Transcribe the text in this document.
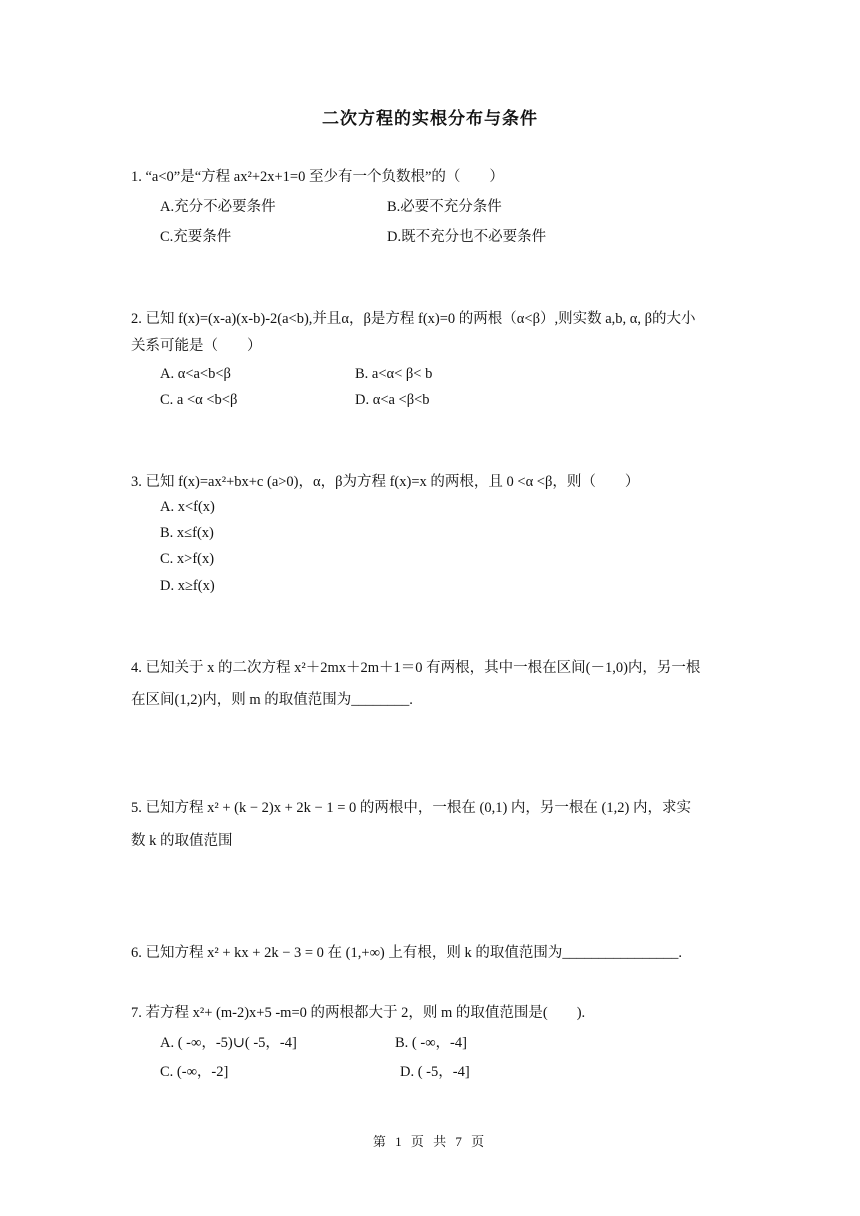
二次方程的实根分布与条件
1. “a<0”是“方程 ax²+2x+1=0 至少有一个负数根”的（　　）
A.充分不必要条件	B.必要不充分条件
C.充要条件	D.既不充分也不必要条件
2. 已知 f(x)=(x-a)(x-b)-2(a<b),并且α，β是方程 f(x)=0 的两根（α<β）,则实数 a,b, α, β的大小
关系可能是（　　）
A. α<a<b<β	B. a<α< β< b
C. a <α <b<β	D. α<a <β<b
3. 已知 f(x)=ax²+bx+c (a>0)，α，β为方程 f(x)=x 的两根，且 0 <α <β，则（　　）
A. x<f(x)
B. x≤f(x)
C. x>f(x)
D. x≥f(x)
4. 已知关于 x 的二次方程 x²＋2mx＋2m＋1＝0 有两根，其中一根在区间(－1,0)内，另一根
在区间(1,2)内，则 m 的取值范围为________.
5. 已知方程 x² + (k − 2)x + 2k − 1 = 0 的两根中，一根在 (0,1) 内，另一根在 (1,2) 内，求实
数 k 的取值范围
6. 已知方程 x² + kx + 2k − 3 = 0 在 (1,+∞) 上有根，则 k 的取值范围为________________.
7. 若方程 x²+ (m-2)x+5 -m=0 的两根都大于 2，则 m 的取值范围是(　　).
A. ( -∞，-5)∪( -5，-4]	B. ( -∞，-4]
C. (-∞，-2]	D. ( -5，-4]
第 1 页 共 7 页
